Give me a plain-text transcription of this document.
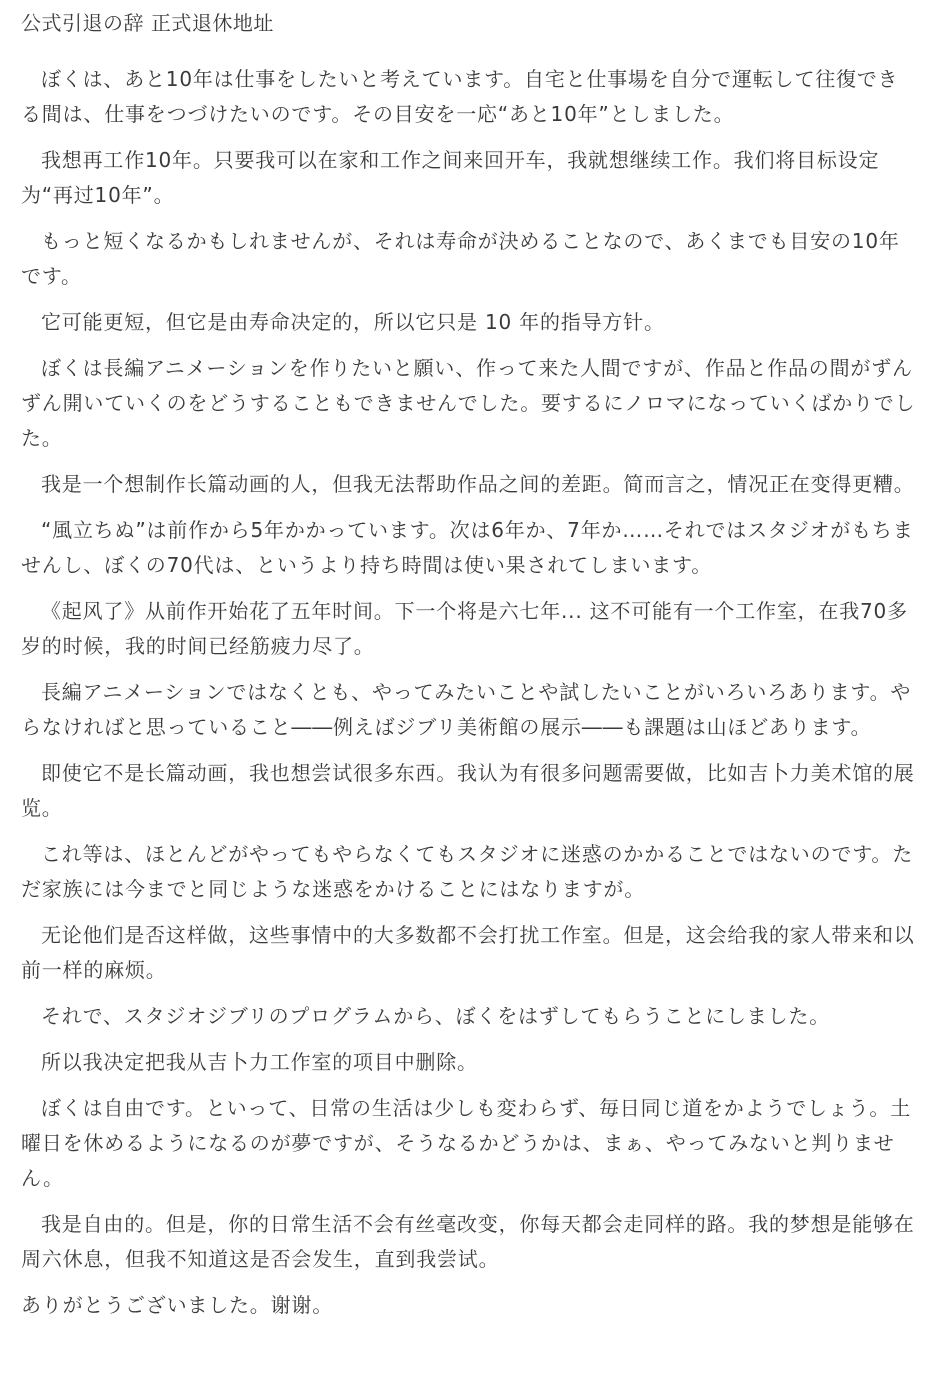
公式引退の辞 正式退休地址

ぼくは、あと10年は仕事をしたいと考えています。自宅と仕事場を自分で運転して往復できる間は、仕事をつづけたいのです。その目安を一応“あと10年”としました。

我想再工作10年。只要我可以在家和工作之间来回开车，我就想继续工作。我们将目标设定为“再过10年”。

もっと短くなるかもしれませんが、それは寿命が決めることなので、あくまでも目安の10年です。

它可能更短，但它是由寿命决定的，所以它只是 10 年的指导方针。

ぼくは長編アニメーションを作りたいと願い、作って来た人間ですが、作品と作品の間がずんずん開いていくのをどうすることもできませんでした。要するにノロマになっていくばかりでした。

我是一个想制作长篇动画的人，但我无法帮助作品之间的差距。简而言之，情况正在变得更糟。

“風立ちぬ”は前作から5年かかっています。次は6年か、7年か……それではスタジオがもちませんし、ぼくの70代は、というより持ち時間は使い果されてしまいます。

《起风了》从前作开始花了五年时间。下一个将是六七年... 这不可能有一个工作室，在我70多岁的时候，我的时间已经筋疲力尽了。

長編アニメーションではなくとも、やってみたいことや試したいことがいろいろあります。やらなければと思っていること――例えばジブリ美術館の展示――も課題は山ほどあります。

即使它不是长篇动画，我也想尝试很多东西。我认为有很多问题需要做，比如吉卜力美术馆的展览。

これ等は、ほとんどがやってもやらなくてもスタジオに迷惑のかかることではないのです。ただ家族には今までと同じような迷惑をかけることにはなりますが。

无论他们是否这样做，这些事情中的大多数都不会打扰工作室。但是，这会给我的家人带来和以前一样的麻烦。

それで、スタジオジブリのプログラムから、ぼくをはずしてもらうことにしました。

所以我决定把我从吉卜力工作室的项目中删除。

ぼくは自由です。といって、日常の生活は少しも変わらず、毎日同じ道をかようでしょう。土曜日を休めるようになるのが夢ですが、そうなるかどうかは、まぁ、やってみないと判りません。

我是自由的。但是，你的日常生活不会有丝毫改变，你每天都会走同样的路。我的梦想是能够在周六休息，但我不知道这是否会发生，直到我尝试。

ありがとうございました。谢谢。
